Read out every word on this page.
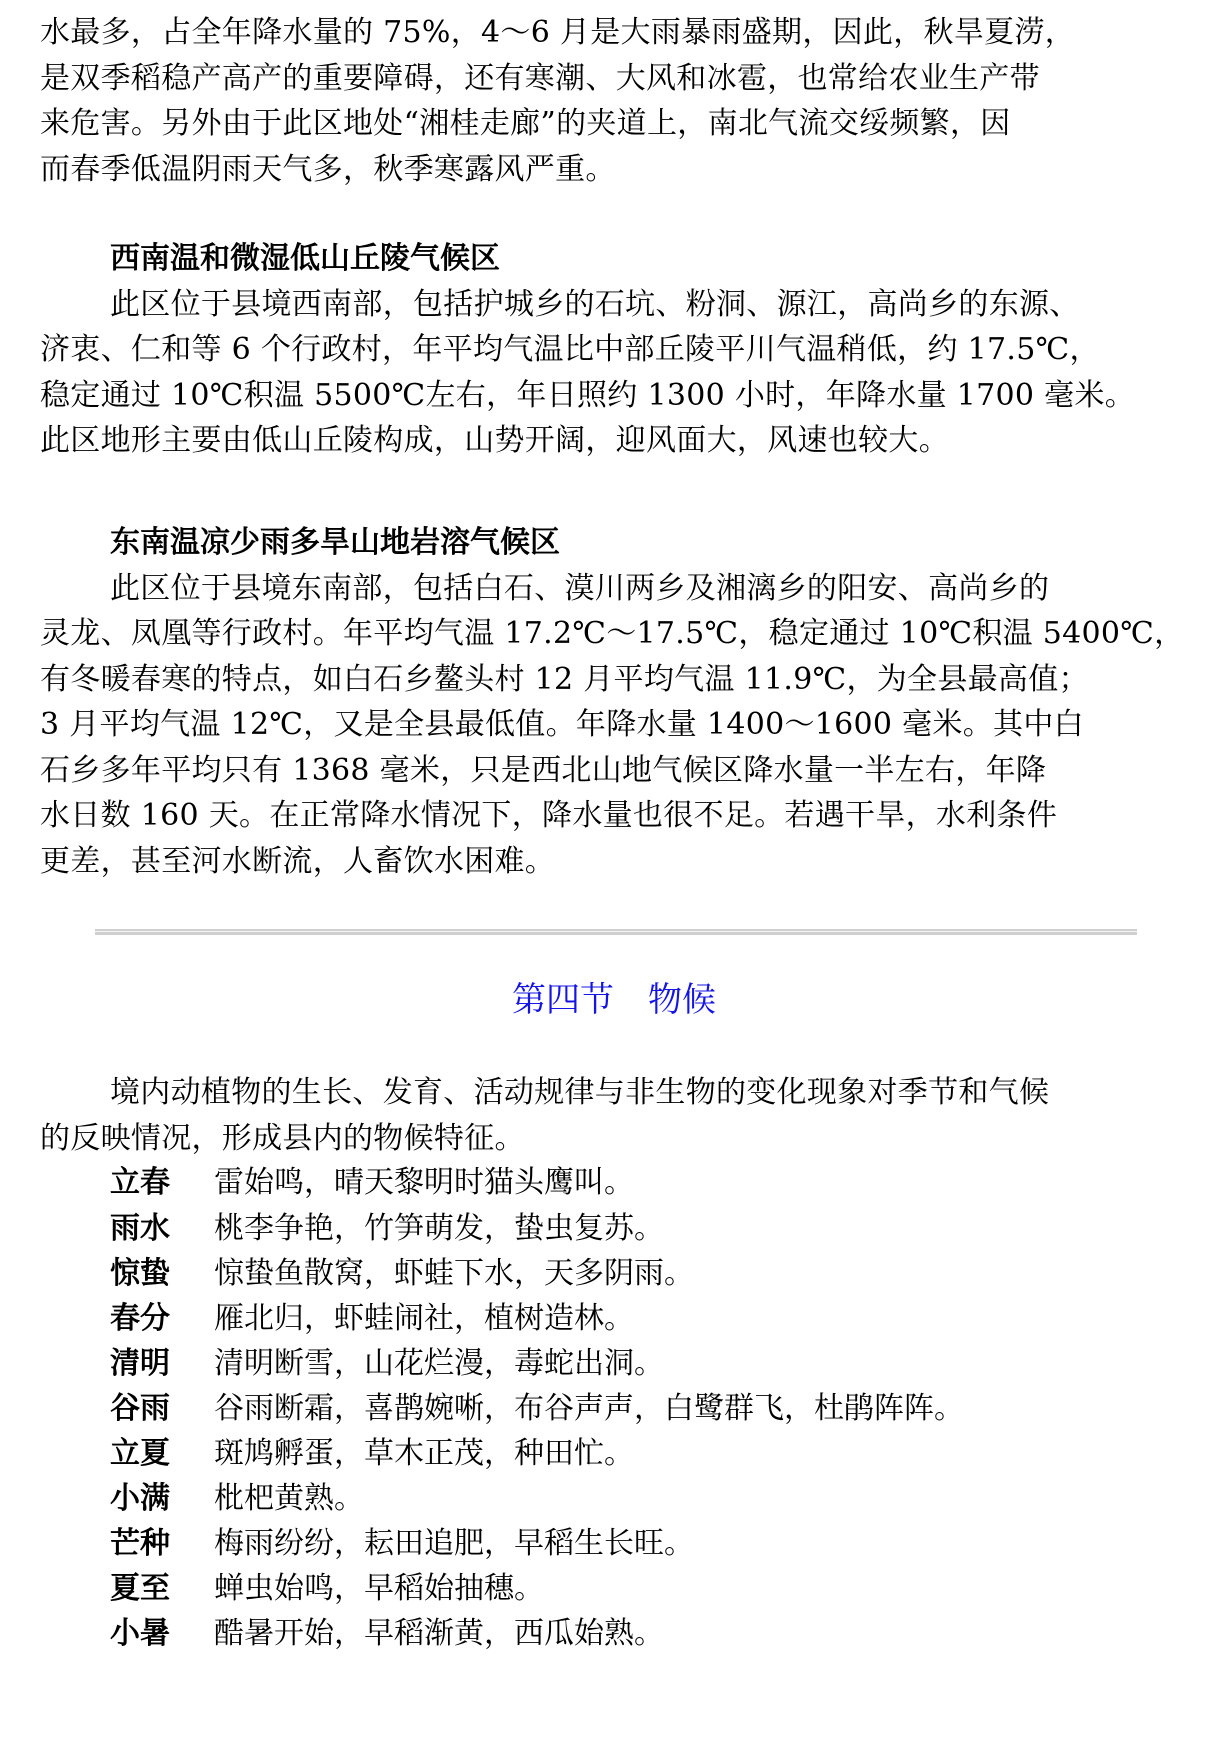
水最多，占全年降水量的 75%，4～6 月是大雨暴雨盛期，因此，秋旱夏涝，

是双季稻稳产高产的重要障碍，还有寒潮、大风和冰雹，也常给农业生产带

来危害。另外由于此区地处“湘桂走廊”的夹道上，南北气流交绥频繁，因

而春季低温阴雨天气多，秋季寒露风严重。

西南温和微湿低山丘陵气候区

此区位于县境西南部，包括护城乡的石坑、粉洞、源江，高尚乡的东源、

济衷、仁和等 6 个行政村，年平均气温比中部丘陵平川气温稍低，约 17.5℃，

稳定通过 10℃积温 5500℃左右，年日照约 1300 小时，年降水量 1700 毫米。

此区地形主要由低山丘陵构成，山势开阔，迎风面大，风速也较大。

东南温凉少雨多旱山地岩溶气候区

此区位于县境东南部，包括白石、漠川两乡及湘漓乡的阳安、高尚乡的

灵龙、凤凰等行政村。年平均气温 17.2℃～17.5℃，稳定通过 10℃积温 5400℃，

有冬暖春寒的特点，如白石乡鳌头村 12 月平均气温 11.9℃，为全县最高值；

3 月平均气温 12℃，又是全县最低值。年降水量 1400～1600 毫米。其中白

石乡多年平均只有 1368 毫米，只是西北山地气候区降水量一半左右，年降

水日数 160 天。在正常降水情况下，降水量也很不足。若遇干旱，水利条件

更差，甚至河水断流，人畜饮水困难。

第四节　物候

境内动植物的生长、发育、活动规律与非生物的变化现象对季节和气候

的反映情况，形成县内的物候特征。

立春 雷始鸣，晴天黎明时猫头鹰叫。
雨水 桃李争艳，竹笋萌发，蛰虫复苏。
惊蛰 惊蛰鱼散窝，虾蛙下水，天多阴雨。
春分 雁北归，虾蛙闹社，植树造林。
清明 清明断雪，山花烂漫，毒蛇出洞。
谷雨 谷雨断霜，喜鹊婉唽，布谷声声，白鹭群飞，杜鹃阵阵。
立夏 斑鸠孵蛋，草木正茂，种田忙。
小满 枇杷黄熟。
芒种 梅雨纷纷，耘田追肥，早稻生长旺。
夏至 蝉虫始鸣，早稻始抽穗。
小暑 酷暑开始，早稻渐黄，西瓜始熟。
